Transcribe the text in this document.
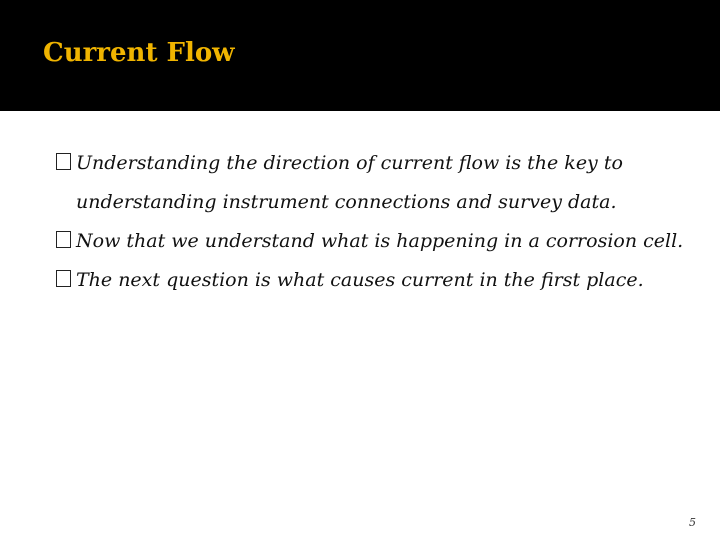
Current Flow
Understanding the direction of current flow is the key to understanding instrument connections and survey data.
Now that we understand what is happening in a corrosion cell.
The next question is what causes current in the first place.
5
